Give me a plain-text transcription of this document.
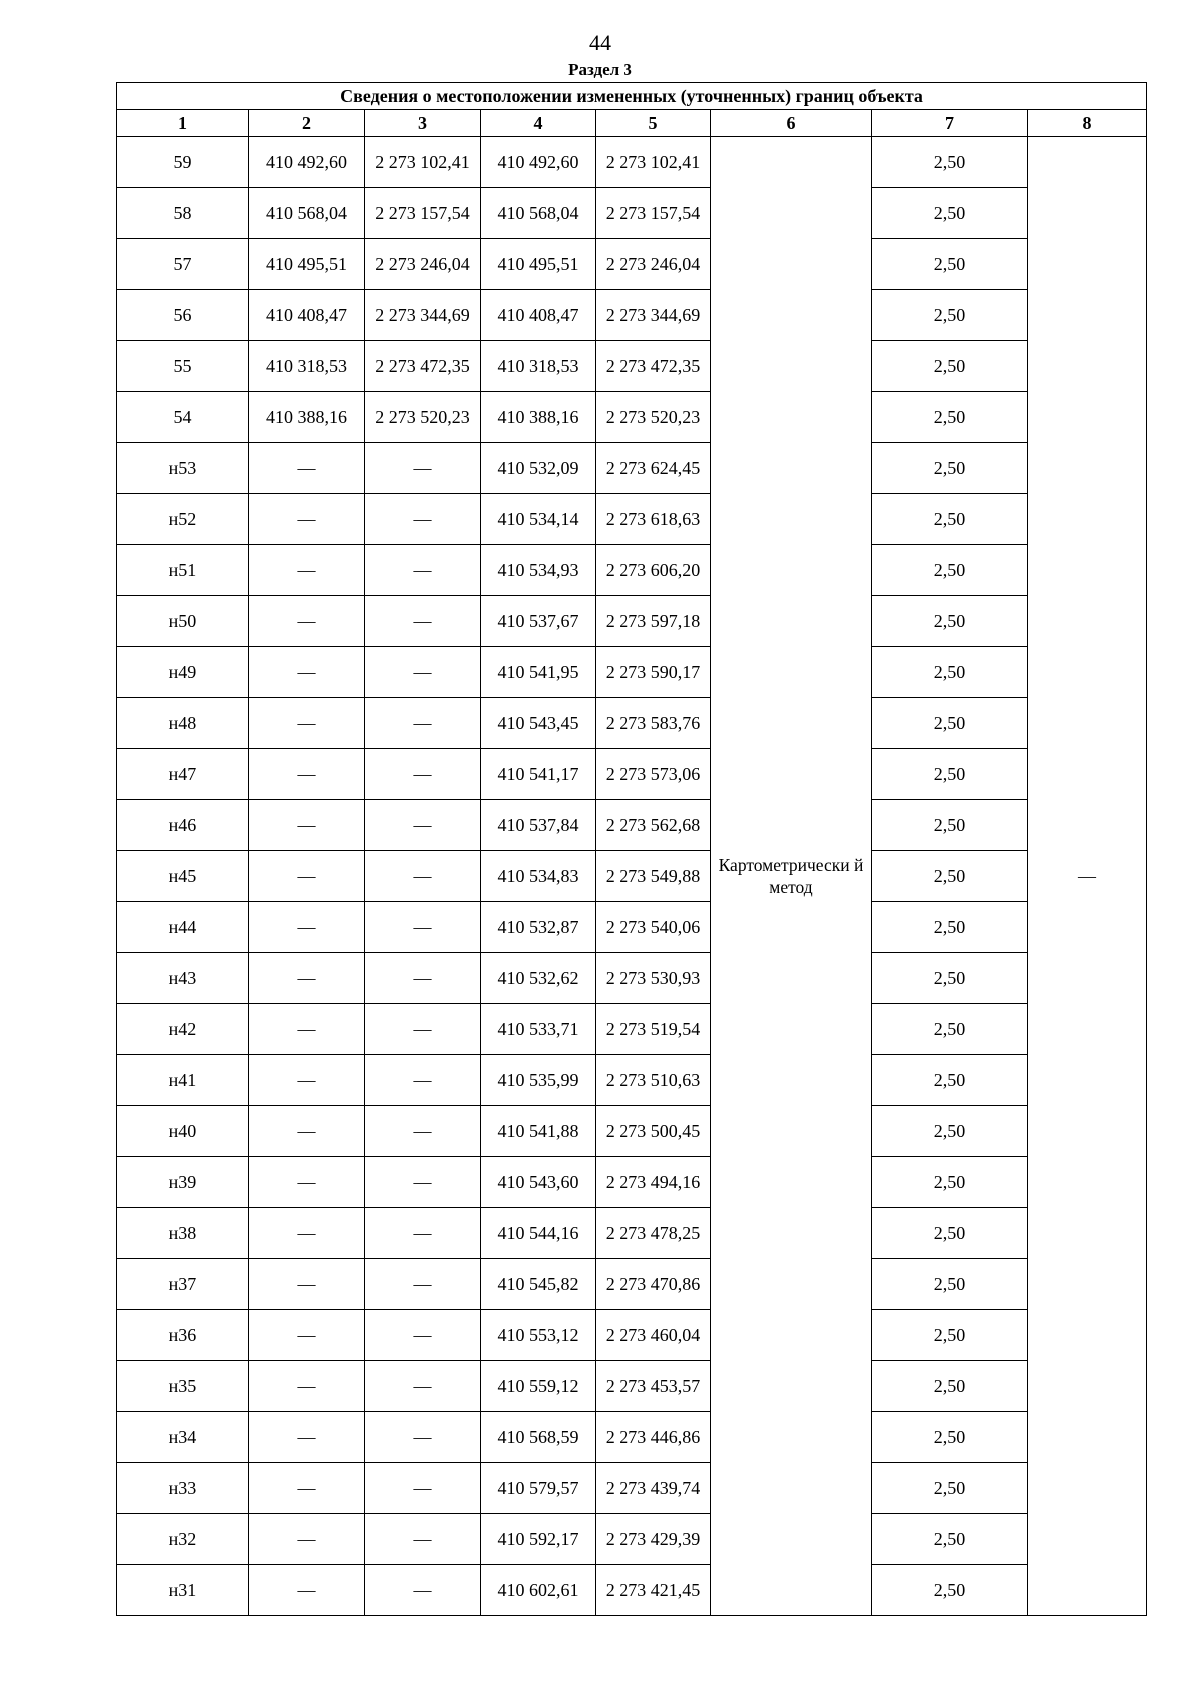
44
Раздел 3
Сведения о местоположении измененных (уточненных) границ объекта							
1	2	3	4	5	6	7	8
59	410 492,60	2 273 102,41	410 492,60	2 273 102,41	Картометрически й метод	2,50	—
58	410 568,04	2 273 157,54	410 568,04	2 273 157,54		2,50	
57	410 495,51	2 273 246,04	410 495,51	2 273 246,04		2,50	
56	410 408,47	2 273 344,69	410 408,47	2 273 344,69		2,50	
55	410 318,53	2 273 472,35	410 318,53	2 273 472,35		2,50	
54	410 388,16	2 273 520,23	410 388,16	2 273 520,23		2,50	
н53	—	—	410 532,09	2 273 624,45		2,50	
н52	—	—	410 534,14	2 273 618,63		2,50	
н51	—	—	410 534,93	2 273 606,20		2,50	
н50	—	—	410 537,67	2 273 597,18		2,50	
н49	—	—	410 541,95	2 273 590,17		2,50	
н48	—	—	410 543,45	2 273 583,76		2,50	
н47	—	—	410 541,17	2 273 573,06		2,50	
н46	—	—	410 537,84	2 273 562,68		2,50	
н45	—	—	410 534,83	2 273 549,88		2,50	
н44	—	—	410 532,87	2 273 540,06		2,50	
н43	—	—	410 532,62	2 273 530,93		2,50	
н42	—	—	410 533,71	2 273 519,54		2,50	
н41	—	—	410 535,99	2 273 510,63		2,50	
н40	—	—	410 541,88	2 273 500,45		2,50	
н39	—	—	410 543,60	2 273 494,16		2,50	
н38	—	—	410 544,16	2 273 478,25		2,50	
н37	—	—	410 545,82	2 273 470,86		2,50	
н36	—	—	410 553,12	2 273 460,04		2,50	
н35	—	—	410 559,12	2 273 453,57		2,50	
н34	—	—	410 568,59	2 273 446,86		2,50	
н33	—	—	410 579,57	2 273 439,74		2,50	
н32	—	—	410 592,17	2 273 429,39		2,50	
н31	—	—	410 602,61	2 273 421,45		2,50	
